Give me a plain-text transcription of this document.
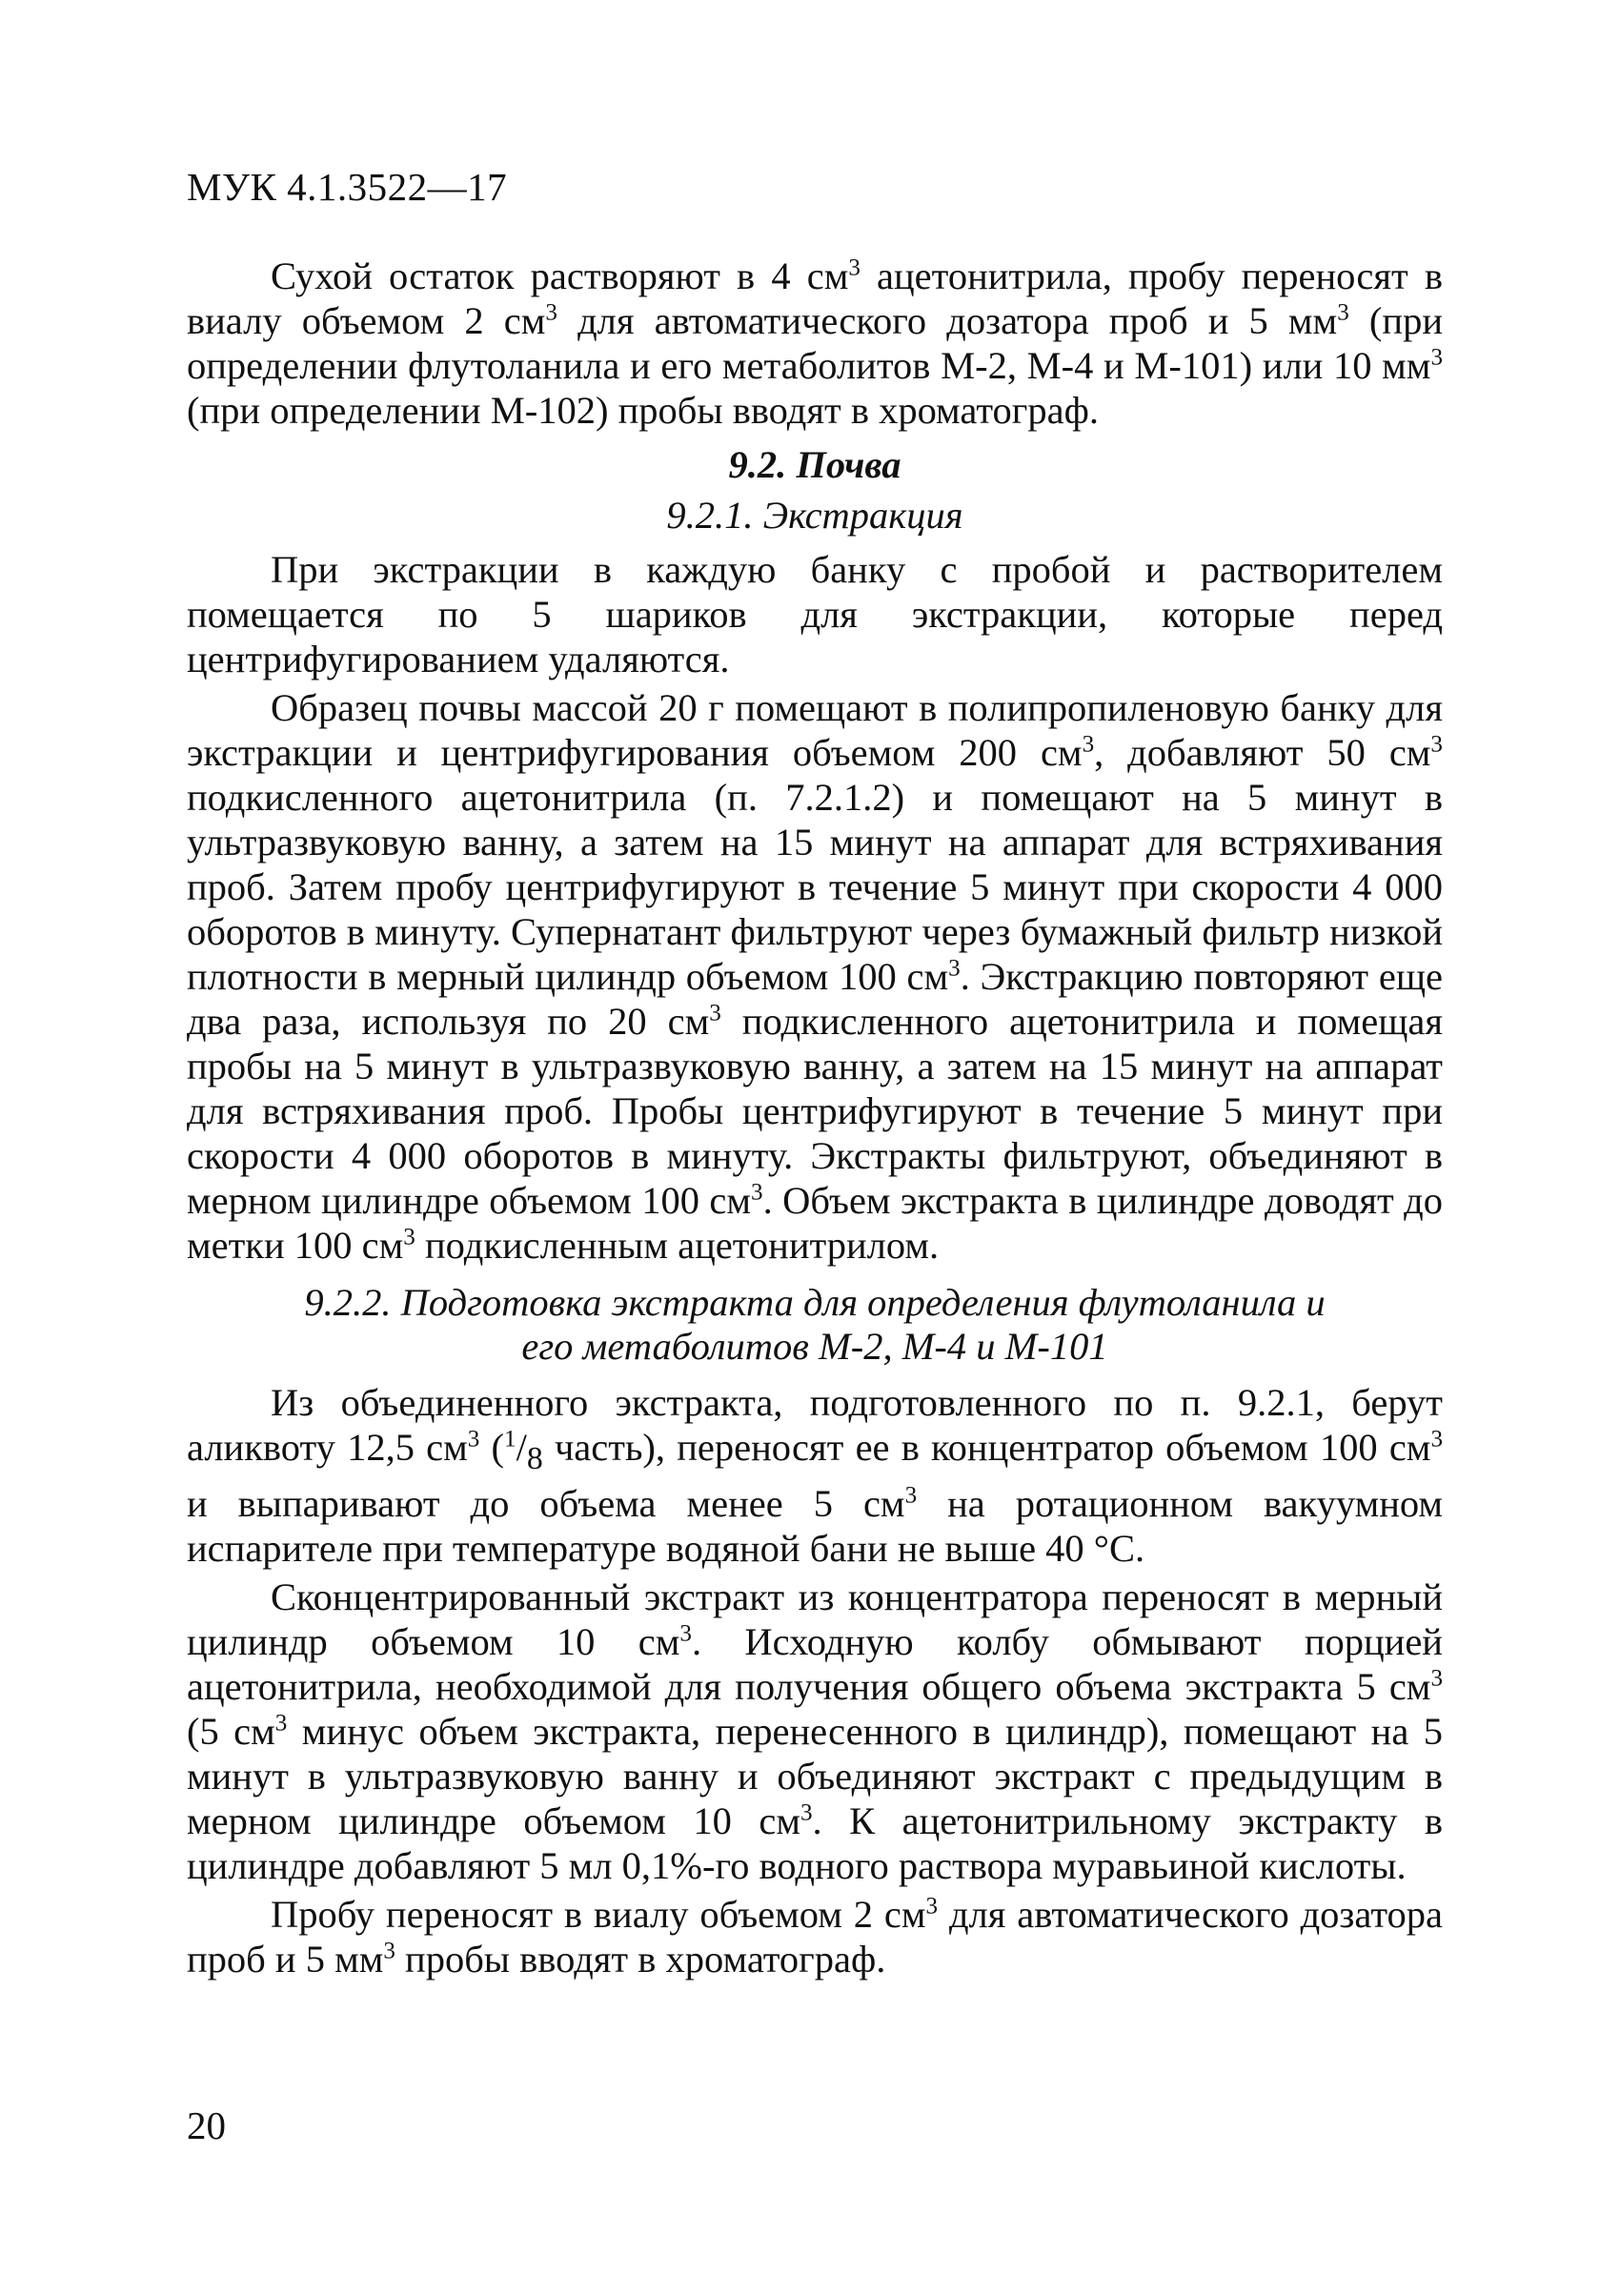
МУК 4.1.3522—17

Сухой остаток растворяют в 4 $см^3$ ацетонитрила, пробу переносят в виалу объемом 2 $см^3$ для автоматического дозатора проб и 5 $мм^3$ (при определении флутоланила и его метаболитов М-2, М-4 и М-101) или 10 $мм^3$ (при определении М-102) пробы вводят в хроматограф.

9.2. Почва
9.2.1. Экстракция

При экстракции в каждую банку с пробой и растворителем помещается по 5 шариков для экстракции, которые перед центрифугированием удаляются.

Образец почвы массой 20 г помещают в полипропиленовую банку для экстракции и центрифугирования объемом 200 $см^3$, добавляют 50 $см^3$ подкисленного ацетонитрила (п. 7.2.1.2) и помещают на 5 минут в ультразвуковую ванну, а затем на 15 минут на аппарат для встряхивания проб. Затем пробу центрифугируют в течение 5 минут при скорости 4 000 оборотов в минуту. Супернатант фильтруют через бумажный фильтр низкой плотности в мерный цилиндр объемом 100 $см^3$. Экстракцию повторяют еще два раза, используя по 20 $см^3$ подкисленного ацетонитрила и помещая пробы на 5 минут в ультразвуковую ванну, а затем на 15 минут на аппарат для встряхивания проб. Пробы центрифугируют в течение 5 минут при скорости 4 000 оборотов в минуту. Экстракты фильтруют, объединяют в мерном цилиндре объемом 100 $см^3$. Объем экстракта в цилиндре доводят до метки 100 $см^3$ подкисленным ацетонитрилом.

9.2.2. Подготовка экстракта для определения флутоланила и
его метаболитов М-2, М-4 и М-101

Из объединенного экстракта, подготовленного по п. 9.2.1, берут аликвоту 12,5 $см^3$ ($^1/_8$ часть), переносят ее в концентратор объемом 100 $см^3$ и выпаривают до объема менее 5 $см^3$ на ротационном вакуумном испарителе при температуре водяной бани не выше 40 °С.

Сконцентрированный экстракт из концентратора переносят в мерный цилиндр объемом 10 $см^3$. Исходную колбу обмывают порцией ацетонитрила, необходимой для получения общего объема экстракта 5 $см^3$ (5 $см^3$ минус объем экстракта, перенесенного в цилиндр), помещают на 5 минут в ультразвуковую ванну и объединяют экстракт с предыдущим в мерном цилиндре объемом 10 $см^3$. К ацетонитрильному экстракту в цилиндре добавляют 5 мл 0,1%-го водного раствора муравьиной кислоты.

Пробу переносят в виалу объемом 2 $см^3$ для автоматического дозатора проб и 5 $мм^3$ пробы вводят в хроматограф.

20
